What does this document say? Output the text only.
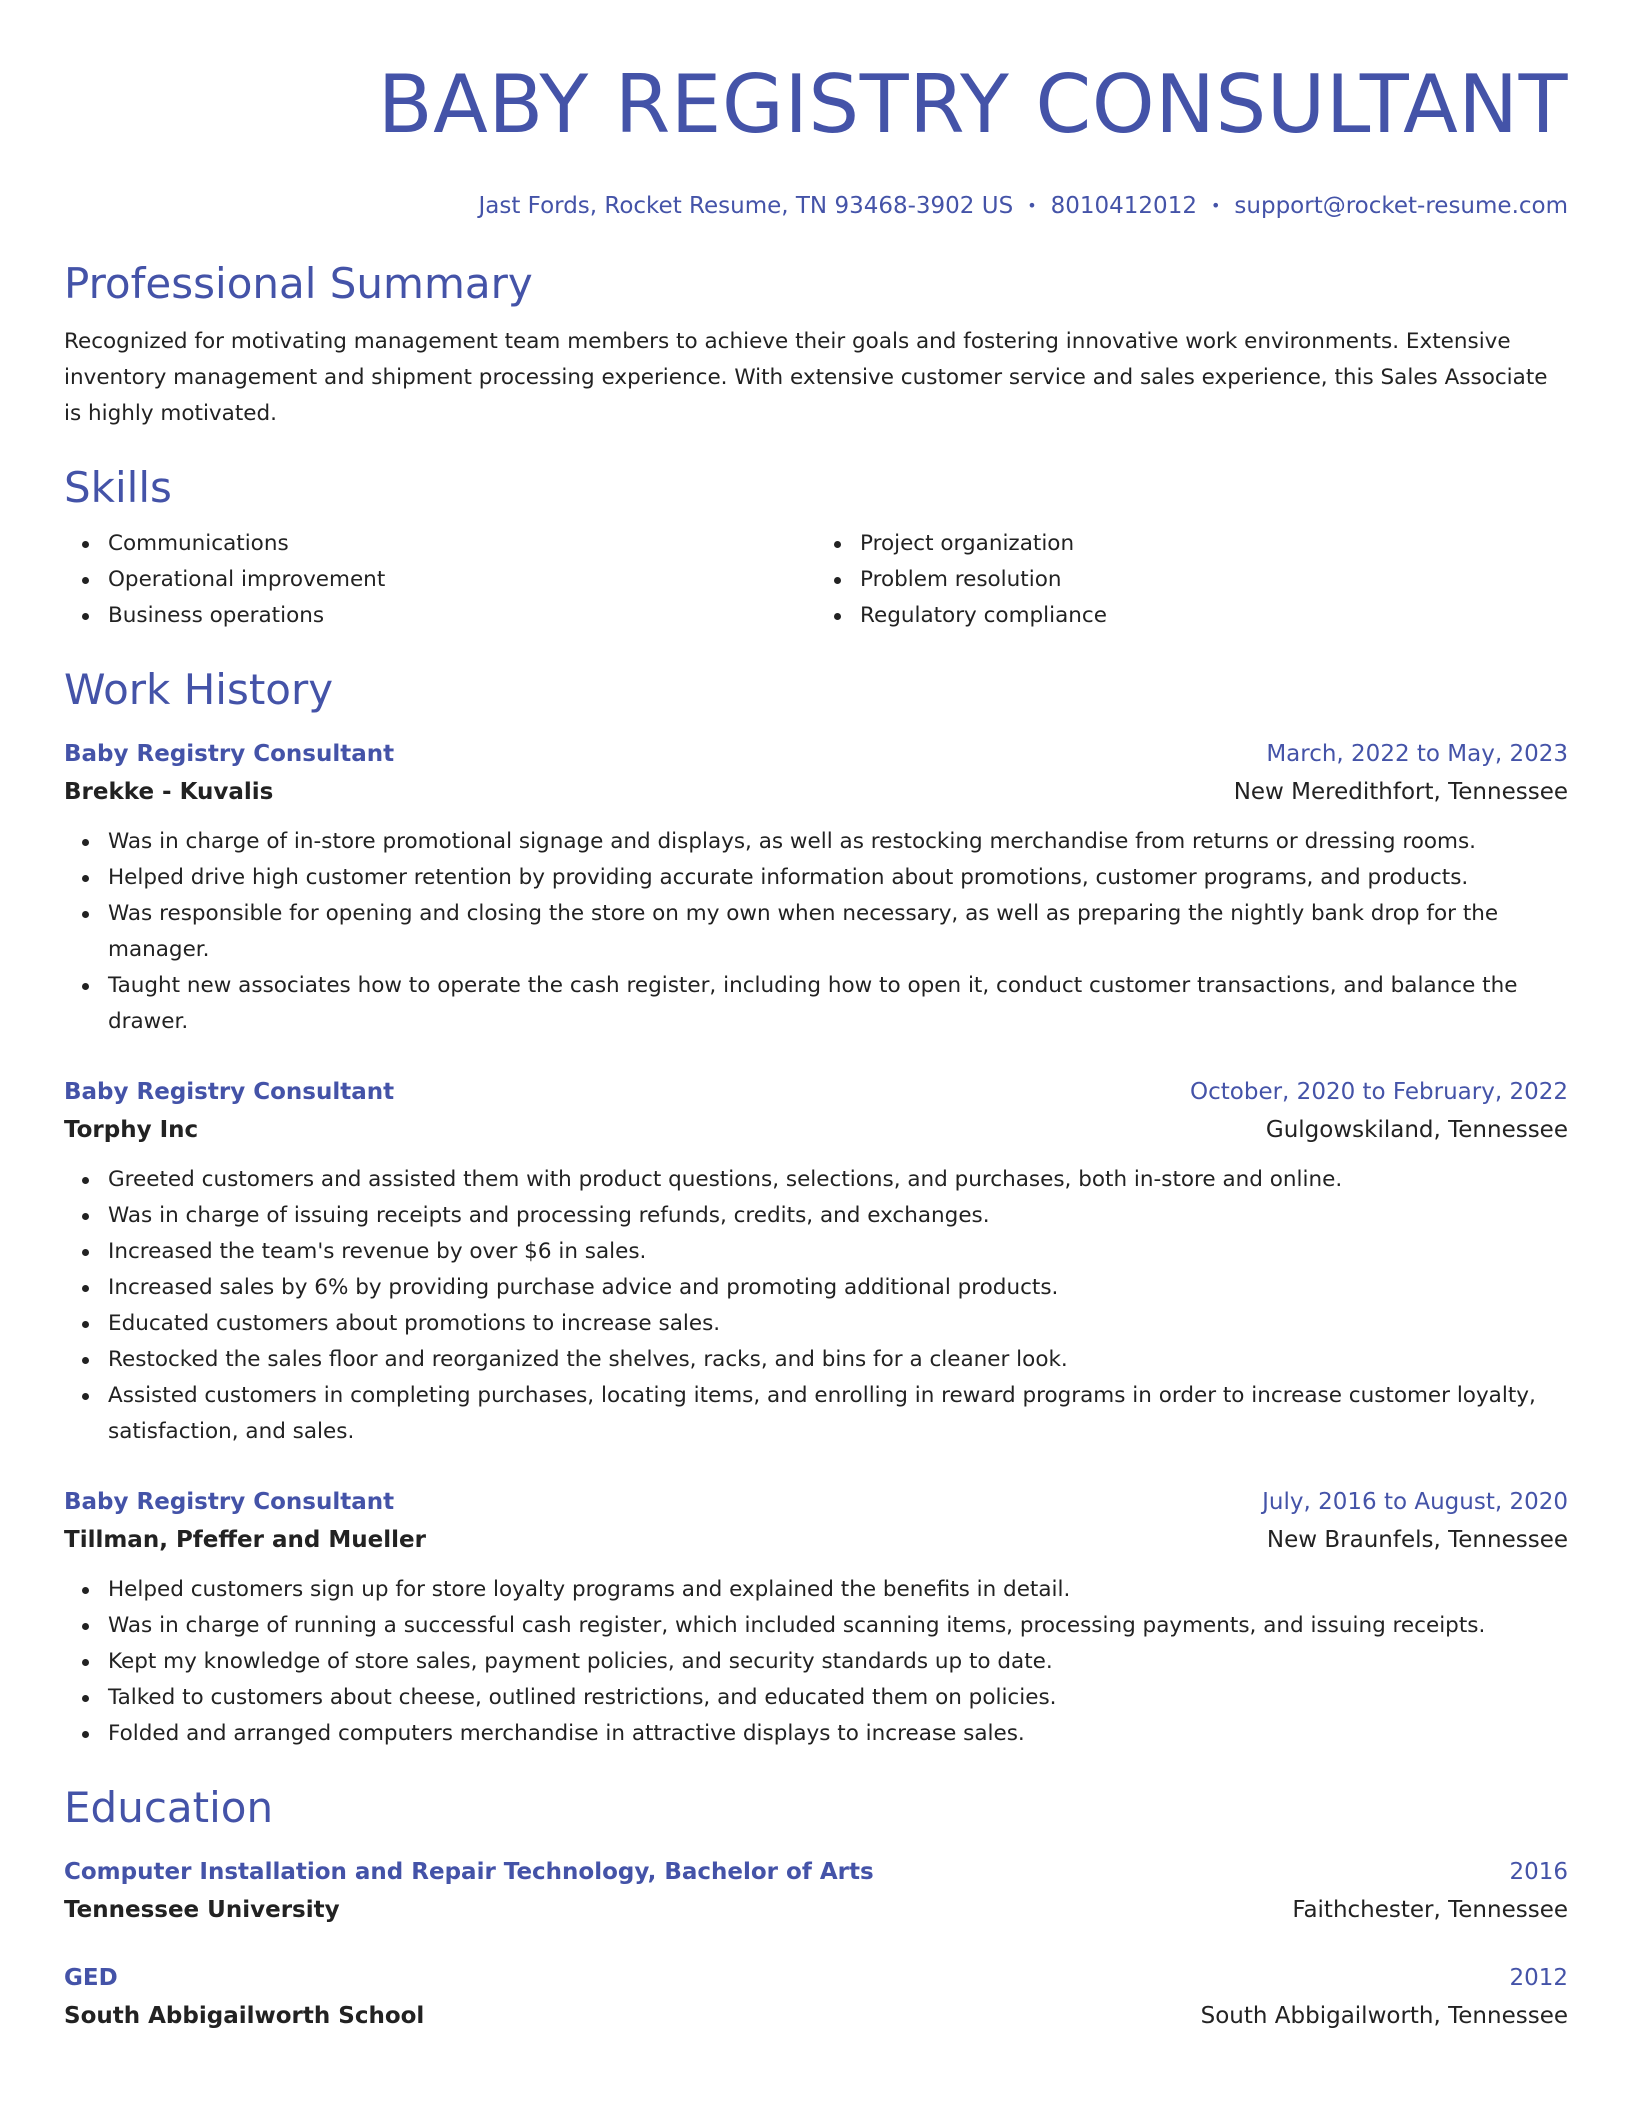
BABY REGISTRY CONSULTANT
Jast Fords, Rocket Resume, TN 93468-3902 US • 8010412012 • support@rocket-resume.com
Professional Summary

Recognized for motivating management team members to achieve their goals and fostering innovative work environments. Extensive inventory management and shipment processing experience. With extensive customer service and sales experience, this Sales Associate is highly motivated.

Skills
Communications
Operational improvement
Business operations
Project organization
Problem resolution
Regulatory compliance
Work History
Baby Registry Consultant	March, 2022 to May, 2023
Brekke - Kuvalis	New Meredithfort, Tennessee
Was in charge of in-store promotional signage and displays, as well as restocking merchandise from returns or dressing rooms.
Helped drive high customer retention by providing accurate information about promotions, customer programs, and products.
Was responsible for opening and closing the store on my own when necessary, as well as preparing the nightly bank drop for the manager.
Taught new associates how to operate the cash register, including how to open it, conduct customer transactions, and balance the drawer.
Baby Registry Consultant	October, 2020 to February, 2022
Torphy Inc	Gulgowskiland, Tennessee
Greeted customers and assisted them with product questions, selections, and purchases, both in-store and online.
Was in charge of issuing receipts and processing refunds, credits, and exchanges.
Increased the team's revenue by over $6 in sales.
Increased sales by 6% by providing purchase advice and promoting additional products.
Educated customers about promotions to increase sales.
Restocked the sales floor and reorganized the shelves, racks, and bins for a cleaner look.
Assisted customers in completing purchases, locating items, and enrolling in reward programs in order to increase customer loyalty, satisfaction, and sales.
Baby Registry Consultant	July, 2016 to August, 2020
Tillman, Pfeffer and Mueller	New Braunfels, Tennessee
Helped customers sign up for store loyalty programs and explained the benefits in detail.
Was in charge of running a successful cash register, which included scanning items, processing payments, and issuing receipts.
Kept my knowledge of store sales, payment policies, and security standards up to date.
Talked to customers about cheese, outlined restrictions, and educated them on policies.
Folded and arranged computers merchandise in attractive displays to increase sales.
Education
Computer Installation and Repair Technology, Bachelor of Arts	2016
Tennessee University	Faithchester, Tennessee
GED	2012
South Abbigailworth School	South Abbigailworth, Tennessee
